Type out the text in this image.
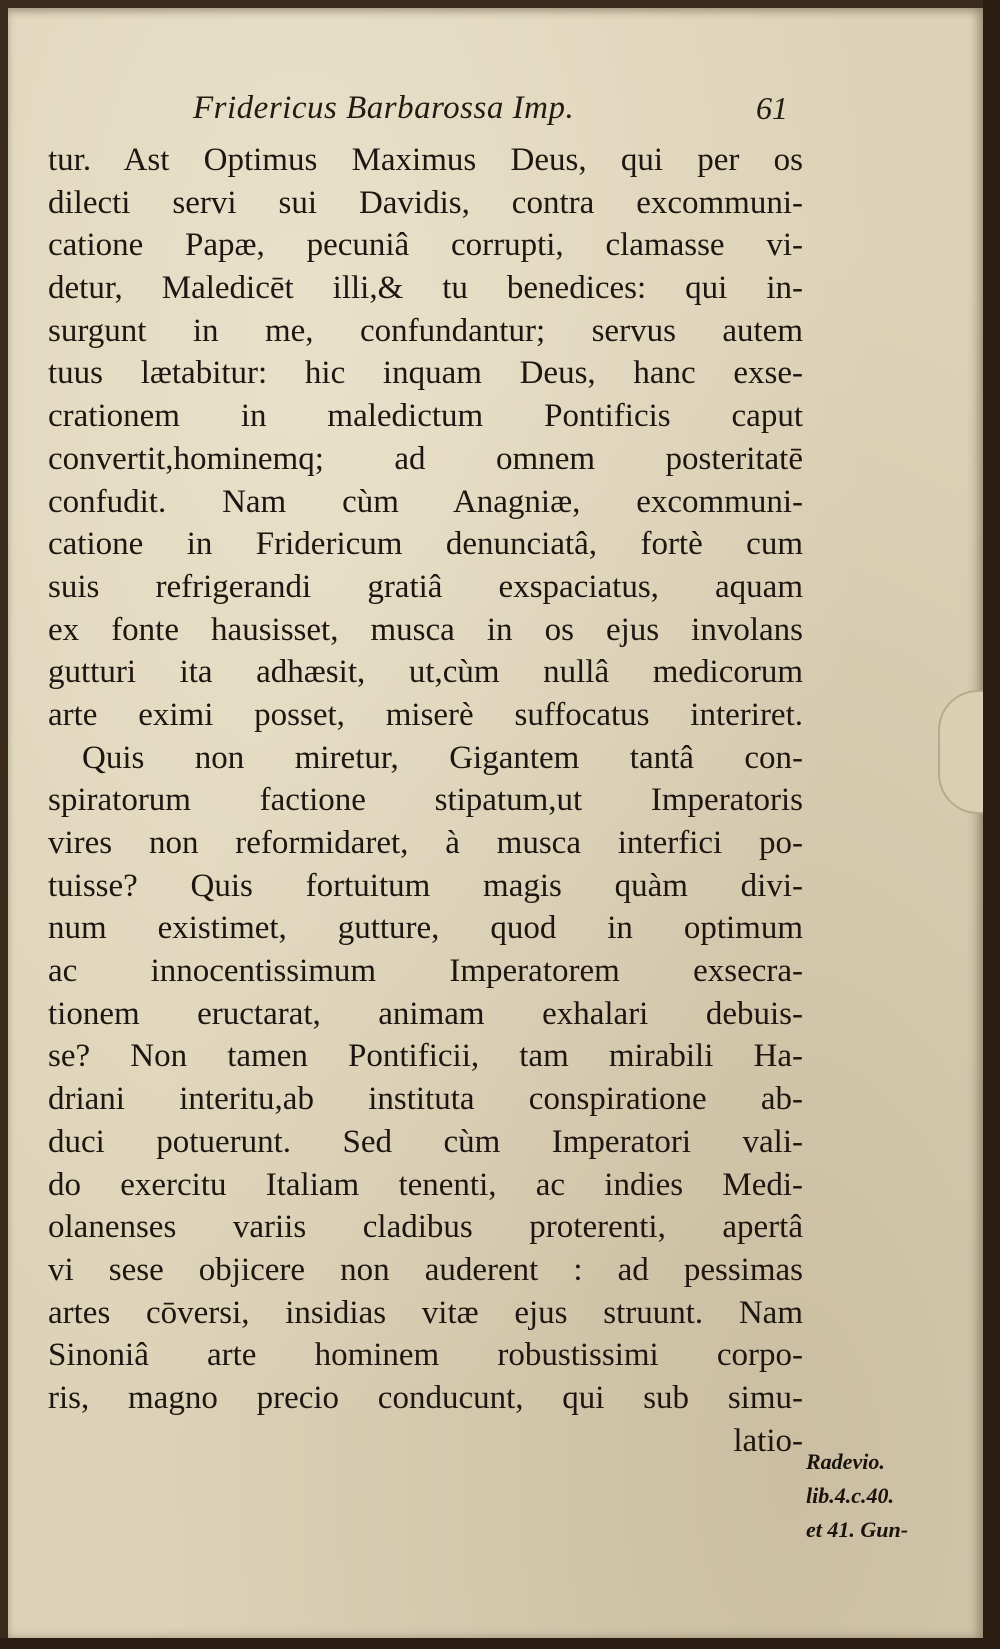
Fridericus Barbarossa Imp.	61
tur. Ast Optimus Maximus Deus, qui per os
dilecti servi sui Davidis, contra excommuni-
catione Papæ, pecuniâ corrupti, clamasse vi-
detur, Maledicēt illi,& tu benedices: qui in-
surgunt in me, confundantur; servus autem
tuus lætabitur: hic inquam Deus, hanc exse-
crationem in maledictum Pontificis caput
convertit,hominemq; ad omnem posteritatē
confudit. Nam cùm Anagniæ, excommuni-
catione in Fridericum denunciatâ, fortè cum
suis refrigerandi gratiâ exspaciatus, aquam
ex fonte hausisset, musca in os ejus involans
gutturi ita adhæsit, ut,cùm nullâ medicorum
arte eximi posset, miserè suffocatus interiret.
Quis non miretur, Gigantem tantâ con-
spiratorum factione stipatum,ut Imperatoris
vires non reformidaret, à musca interfici po-
tuisse? Quis fortuitum magis quàm divi-
num existimet, gutture, quod in optimum
ac innocentissimum Imperatorem exsecra-
tionem eructarat, animam exhalari debuis-
se? Non tamen Pontificii, tam mirabili Ha-
driani interitu,ab instituta conspiratione ab-
duci potuerunt. Sed cùm Imperatori vali-
do exercitu Italiam tenenti, ac indies Medi-
olanenses variis cladibus proterenti, apertâ
vi sese objicere non auderent : ad pessimas
artes cōversi, insidias vitæ ejus struunt. Nam
Sinoniâ arte hominem robustissimi corpo-
ris, magno precio conducunt, qui sub simu-
latio-
Radevio.
lib.4.c.40.
et 41. Gun-
